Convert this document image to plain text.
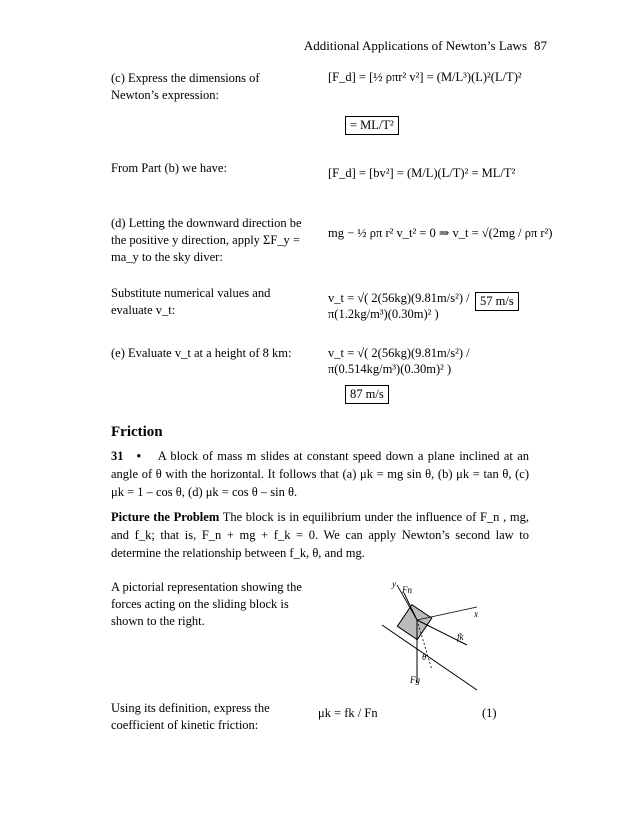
Additional Applications of Newton’s Laws 87
(c) Express the dimensions of Newton’s expression:
[F_d] = [½ ρπr² v²] = (M/L³)(L)²(L/T)²
= ML/T²
From Part (b) we have:	[F_d] = [bv²] = (M/L)(L/T)² = ML/T²
(d) Letting the downward direction be the positive y direction, apply ΣF_y = ma_y to the sky diver:
mg − ½ ρπ r² v_t² = 0 ⇒ v_t = √(2mg / ρπ r²)
Substitute numerical values and evaluate v_t:
v_t = √( 2(56kg)(9.81m/s²) / π(1.2kg/m³)(0.30m)² )
57 m/s
(e) Evaluate v_t at a height of 8 km:	v_t = √( 2(56kg)(9.81m/s²) / π(0.514kg/m³)(0.30m)² )
87 m/s
Friction
31 • A block of mass m slides at constant speed down a plane inclined at an angle of θ with the horizontal. It follows that (a) μk = mg sin θ, (b) μk = tan θ, (c) μk = 1 – cos θ, (d) μk = cos θ – sin θ.
Picture the Problem The block is in equilibrium under the influence of F_n , mg, and f_k; that is, F_n + mg + f_k = 0. We can apply Newton’s second law to determine the relationship between f_k, θ, and mg.
A pictorial representation showing the forces acting on the sliding block is shown to the right.
y
x
Fn
fk
Fg
θ
Using its definition, express the coefficient of kinetic friction:
μk = fk / Fn	(1)
